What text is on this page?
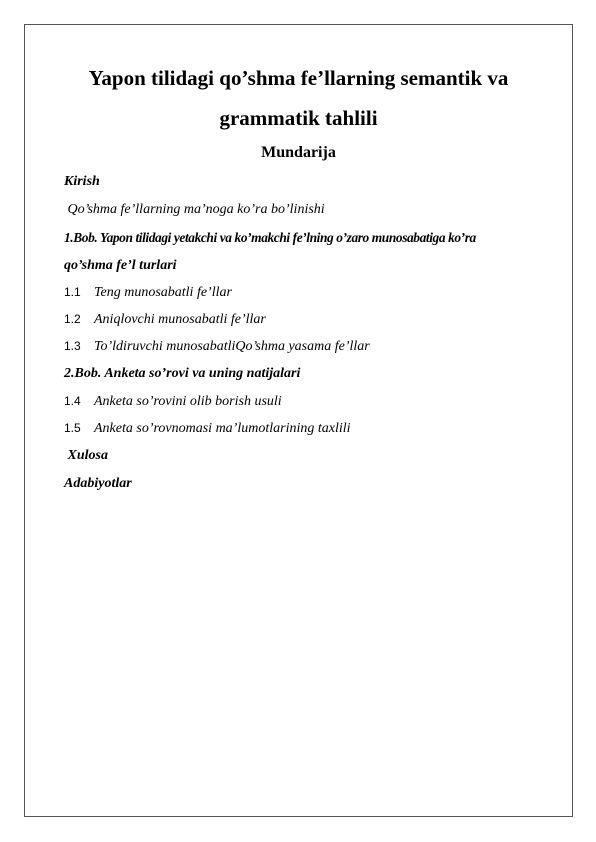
Yapon tilidagi qo’shma fe’llarning semantik va
grammatik tahlili
Mundarija
Kirish
Qo’shma fe’llarning ma’noga ko’ra bo’linishi
1.Bob. Yapon tilidagi yetakchi va ko’makchi fe’lning o’zaro munosabatiga ko’ra
qo’shma fe’l turlari
1.1 Teng munosabatli fe’llar
1.2 Aniqlovchi munosabatli fe’llar
1.3 To’ldiruvchi munosabatliQo’shma yasama fe’llar
2.Bob. Anketa so’rovi va uning natijalari
1.4 Anketa so’rovini olib borish usuli
1.5 Anketa so’rovnomasi ma’lumotlarining taxlili
Xulosa
Adabiyotlar
